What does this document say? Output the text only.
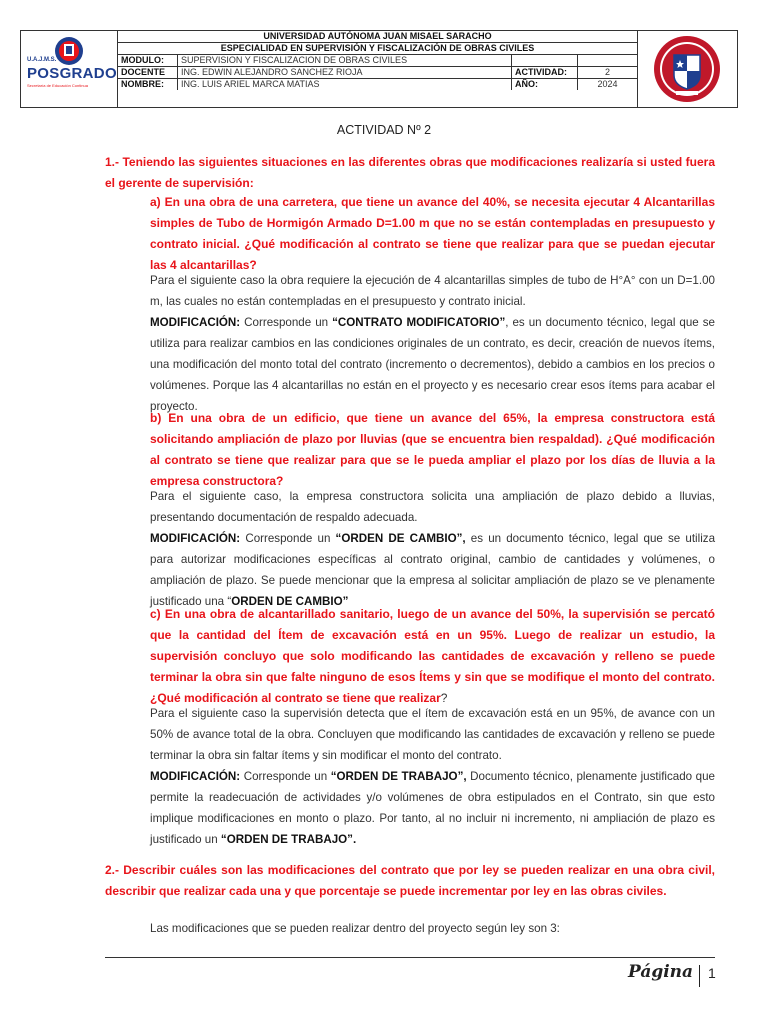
U.A.J.M.S.
POSGRADO
Secretaría de Educación Continua
UNIVERSIDAD AUTÓNOMA JUAN MISAEL SARACHO
ESPECIALIDAD EN SUPERVISIÓN Y FISCALIZACIÓN DE OBRAS CIVILES
MODULO:	SUPERVISION Y FISCALIZACION DE OBRAS CIVILES
DOCENTE	ING. EDWIN ALEJANDRO SANCHEZ RIOJA	ACTIVIDAD:	2
NOMBRE:	ING. LUIS ARIEL MARCA MATIAS	AÑO:	2024
ACTIVIDAD Nº 2
1.- Teniendo las siguientes situaciones en las diferentes obras que modificaciones realizaría si usted fuera el gerente de supervisión:
a) En una obra de una carretera, que tiene un avance del 40%, se necesita ejecutar 4 Alcantarillas simples de Tubo de Hormigón Armado D=1.00 m que no se están contempladas en presupuesto y contrato inicial. ¿Qué modificación al contrato se tiene que realizar para que se puedan ejecutar las 4 alcantarillas?
Para el siguiente caso la obra requiere la ejecución de 4 alcantarillas simples de tubo de H°A° con un D=1.00 m, las cuales no están contempladas en el presupuesto y contrato inicial.
MODIFICACIÓN: Corresponde un “CONTRATO MODIFICATORIO”, es un documento técnico, legal que se utiliza para realizar cambios en las condiciones originales de un contrato, es decir, creación de nuevos ítems, una modificación del monto total del contrato (incremento o decrementos), debido a cambios en los precios o volúmenes. Porque las 4 alcantarillas no están en el proyecto y es necesario crear esos ítems para acabar el proyecto.
b) En una obra de un edificio, que tiene un avance del 65%, la empresa constructora está solicitando ampliación de plazo por lluvias (que se encuentra bien respaldad). ¿Qué modificación al contrato se tiene que realizar para que se le pueda ampliar el plazo por los días de lluvia a la empresa constructora?
Para el siguiente caso, la empresa constructora solicita una ampliación de plazo debido a lluvias, presentando documentación de respaldo adecuada.
MODIFICACIÓN: Corresponde un “ORDEN DE CAMBIO”, es un documento técnico, legal que se utiliza para autorizar modificaciones específicas al contrato original, cambio de cantidades y volúmenes, o ampliación de plazo. Se puede mencionar que la empresa al solicitar ampliación de plazo se ve plenamente justificado una “ORDEN DE CAMBIO”
c) En una obra de alcantarillado sanitario, luego de un avance del 50%, la supervisión se percató que la cantidad del Ítem de excavación está en un 95%. Luego de realizar un estudio, la supervisión concluyo que solo modificando las cantidades de excavación y relleno se puede terminar la obra sin que falte ninguno de esos Ítems y sin que se modifique el monto del contrato. ¿Qué modificación al contrato se tiene que realizar?
Para el siguiente caso la supervisión detecta que el ítem de excavación está en un 95%, de avance con un 50% de avance total de la obra. Concluyen que modificando las cantidades de excavación y relleno se puede terminar la obra sin faltar ítems y sin modificar el monto del contrato.
MODIFICACIÓN: Corresponde un “ORDEN DE TRABAJO”, Documento técnico, plenamente justificado que permite la readecuación de actividades y/o volúmenes de obra estipulados en el Contrato, sin que esto implique modificaciones en monto o plazo. Por tanto, al no incluir ni incremento, ni ampliación de plazo es justificado un “ORDEN DE TRABAJO”.
2.- Describir cuáles son las modificaciones del contrato que por ley se pueden realizar en una obra civil, describir que realizar cada una y que porcentaje se puede incrementar por ley en las obras civiles.
Las modificaciones que se pueden realizar dentro del proyecto según ley son 3:
Página 1
